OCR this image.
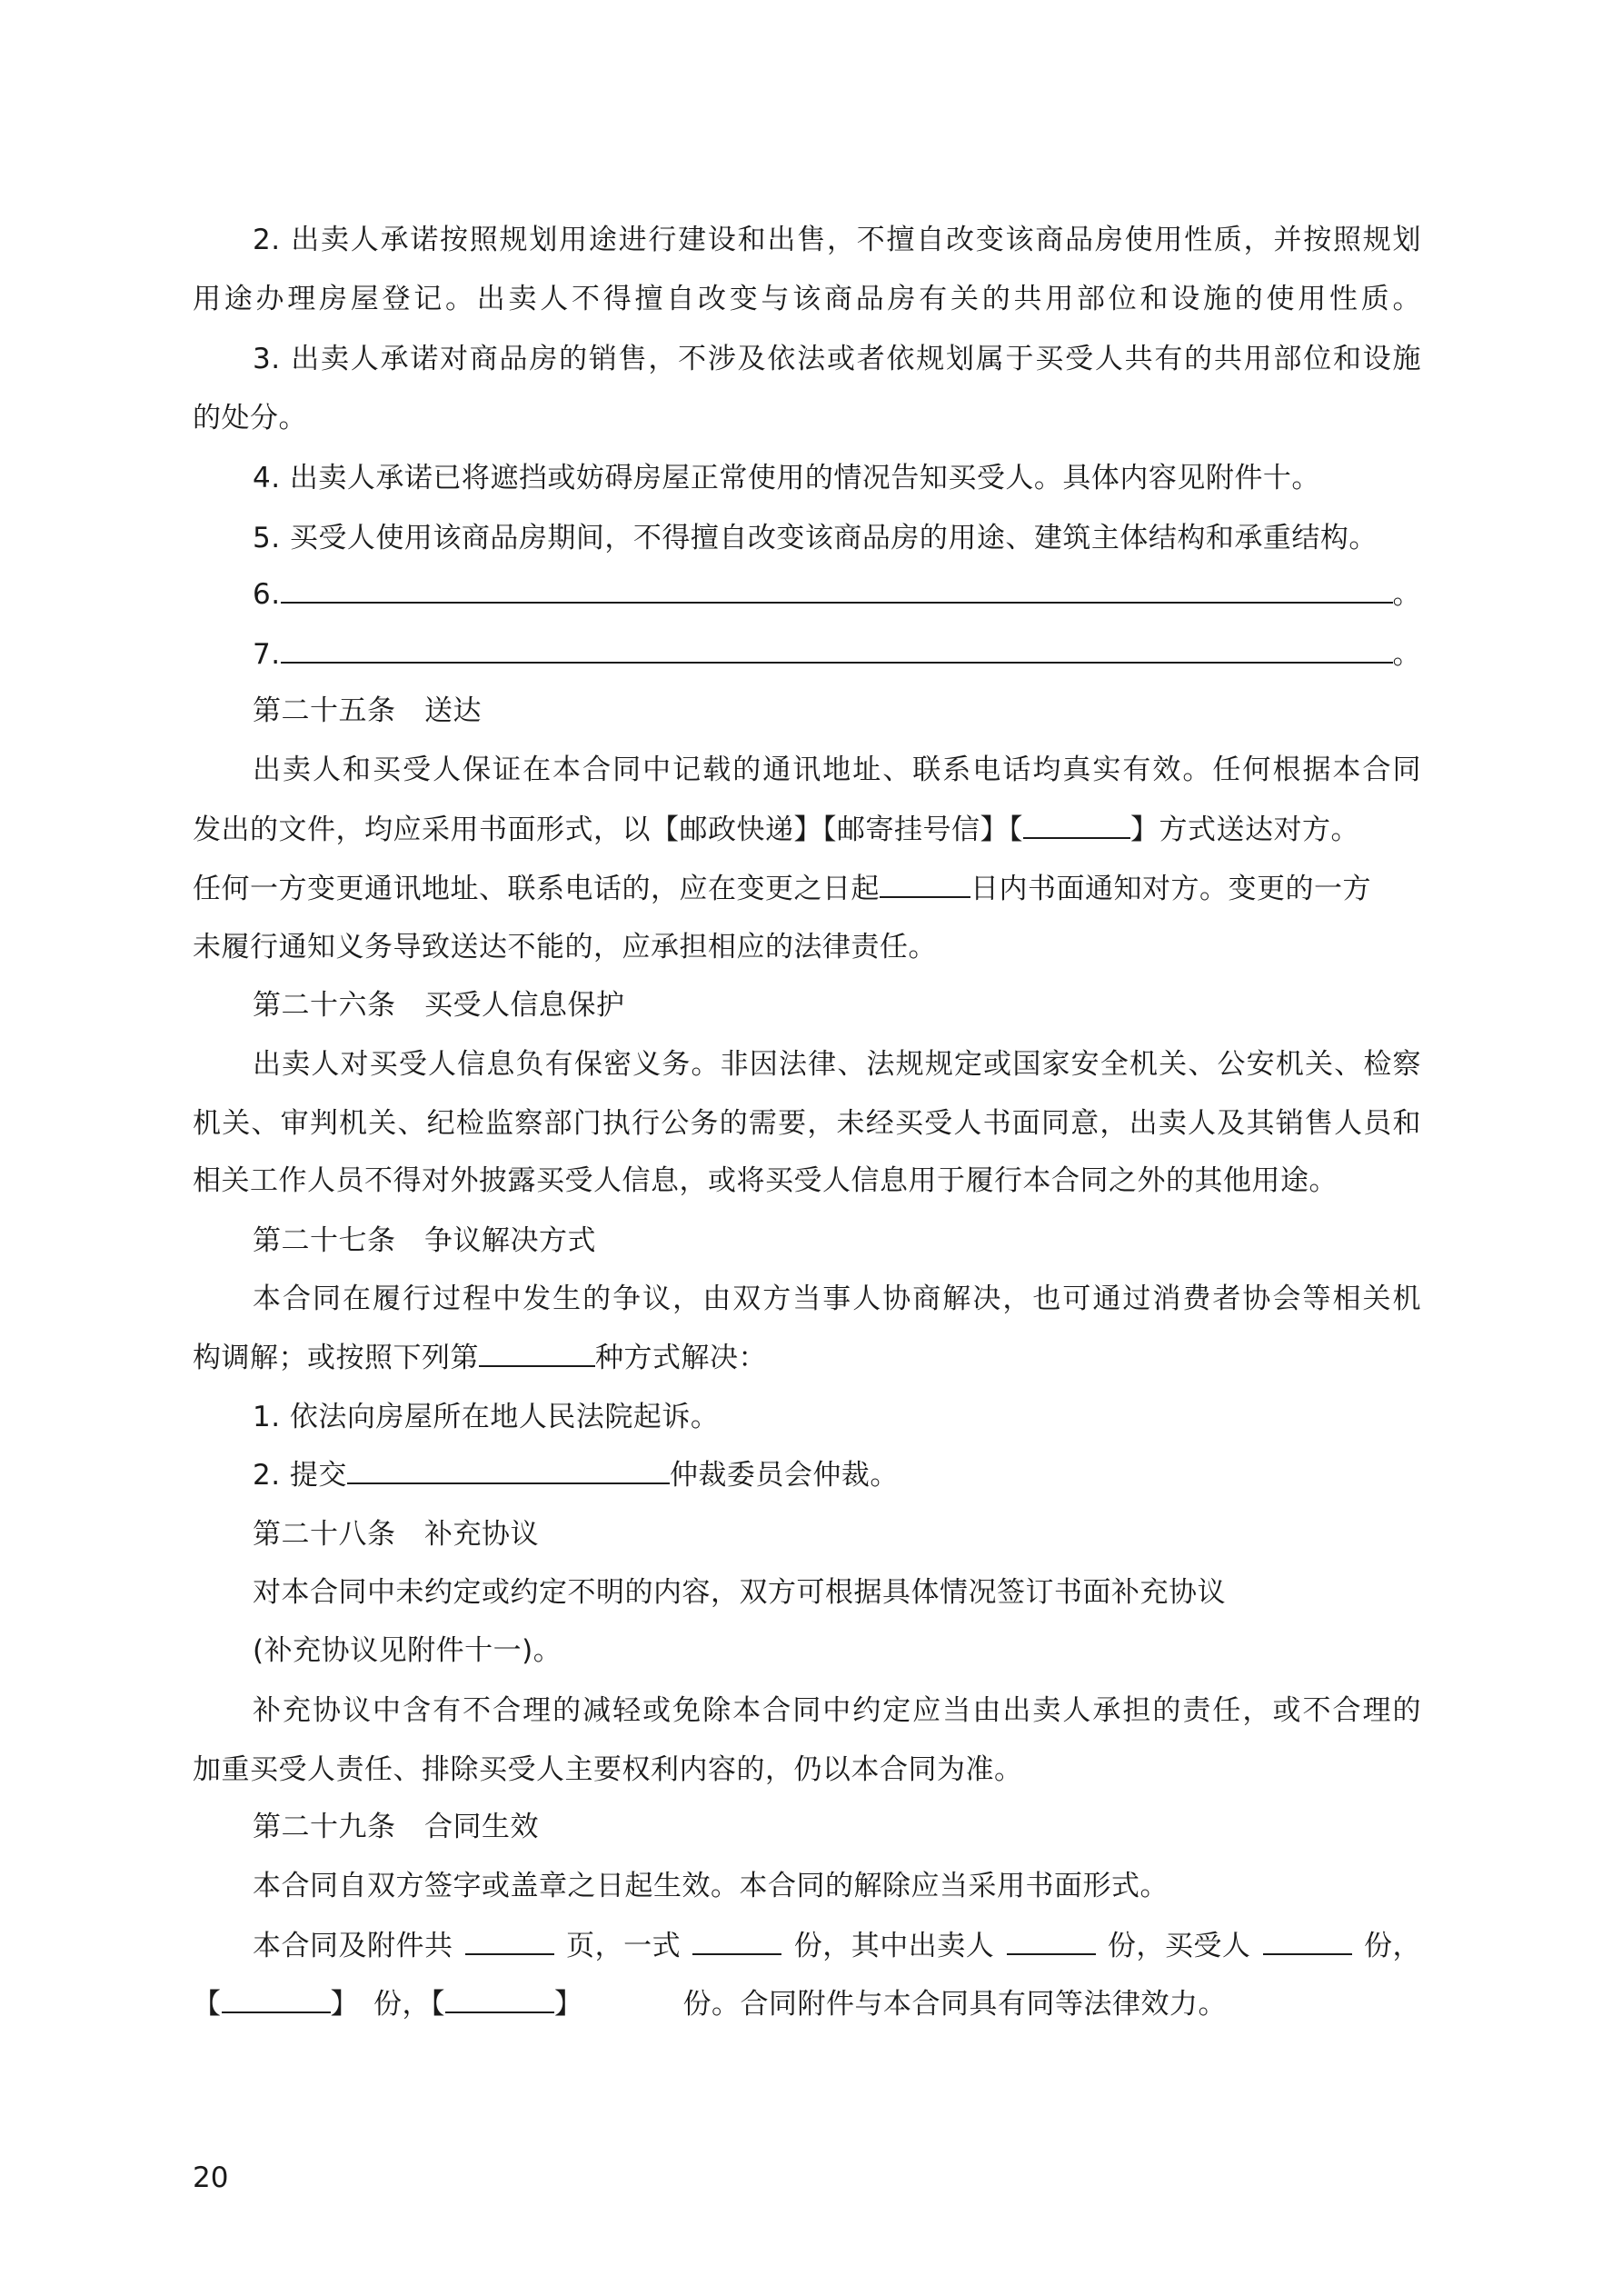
2. 出卖人承诺按照规划用途进行建设和出售，不擅自改变该商品房使用性质，并按照规划
用途办理房屋登记。出卖人不得擅自改变与该商品房有关的共用部位和设施的使用性质。
3. 出卖人承诺对商品房的销售，不涉及依法或者依规划属于买受人共有的共用部位和设施
的处分。
4. 出卖人承诺已将遮挡或妨碍房屋正常使用的情况告知买受人。具体内容见附件十。
5. 买受人使用该商品房期间，不得擅自改变该商品房的用途、建筑主体结构和承重结构。
6.	。
7.	。
第二十五条　送达
出卖人和买受人保证在本合同中记载的通讯地址、联系电话均真实有效。任何根据本合同
发出的文件，均应采用书面形式，以【邮政快递】【邮寄挂号信】【	】方式送达对方。
任何一方变更通讯地址、联系电话的，应在变更之日起	日内书面通知对方。变更的一方
未履行通知义务导致送达不能的，应承担相应的法律责任。
第二十六条　买受人信息保护
出卖人对买受人信息负有保密义务。非因法律、法规规定或国家安全机关、公安机关、检察
机关、审判机关、纪检监察部门执行公务的需要，未经买受人书面同意，出卖人及其销售人员和
相关工作人员不得对外披露买受人信息，或将买受人信息用于履行本合同之外的其他用途。
第二十七条　争议解决方式
本合同在履行过程中发生的争议，由双方当事人协商解决，也可通过消费者协会等相关机
构调解；或按照下列第	种方式解决：
1. 依法向房屋所在地人民法院起诉。
2. 提交	仲裁委员会仲裁。
第二十八条　补充协议
对本合同中未约定或约定不明的内容，双方可根据具体情况签订书面补充协议
(补充协议见附件十一)。
补充协议中含有不合理的减轻或免除本合同中约定应当由出卖人承担的责任，或不合理的
加重买受人责任、排除买受人主要权利内容的，仍以本合同为准。
第二十九条　合同生效
本合同自双方签字或盖章之日起生效。本合同的解除应当采用书面形式。
本合同及附件共	页，一式	份，其中出卖人	份，买受人	份，
【	】　份，【	】	份。合同附件与本合同具有同等法律效力。
20
